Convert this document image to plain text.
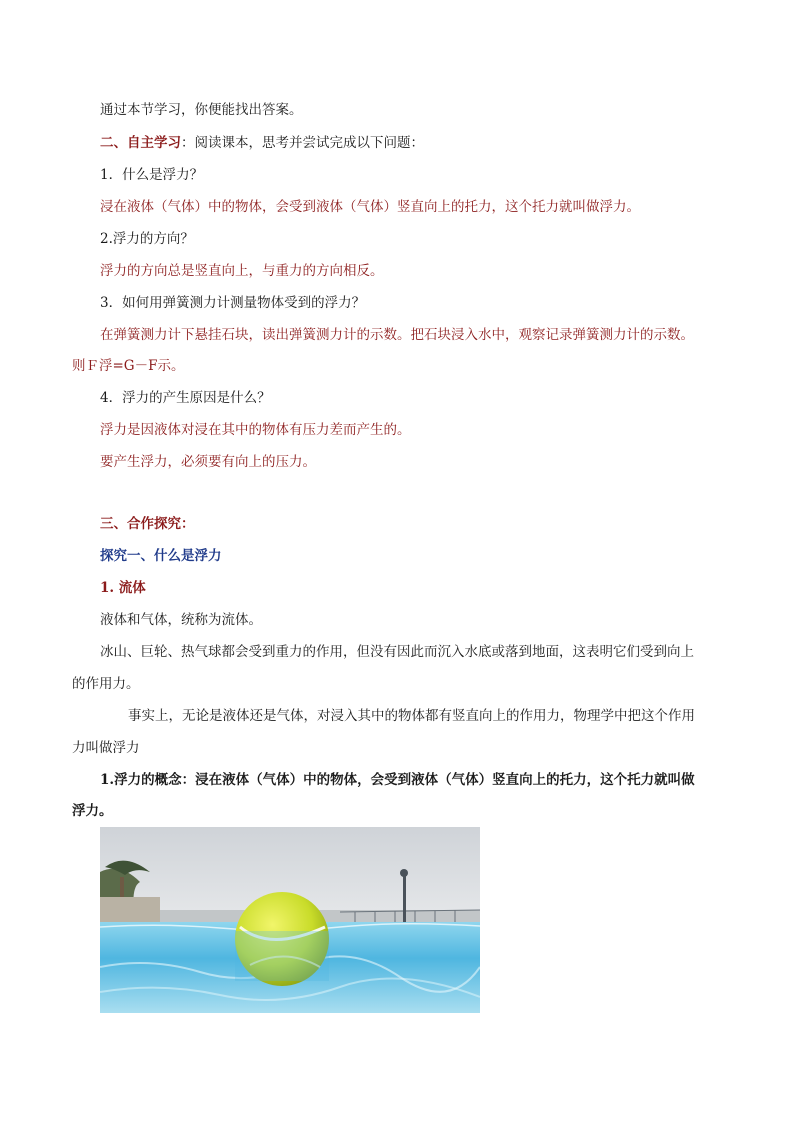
通过本节学习，你便能找出答案。
二、自主学习：阅读课本，思考并尝试完成以下问题：
1．什么是浮力？
浸在液体（气体）中的物体，会受到液体（气体）竖直向上的托力，这个托力就叫做浮力。
2.浮力的方向？
浮力的方向总是竖直向上，与重力的方向相反。
3．如何用弹簧测力计测量物体受到的浮力？
在弹簧测力计下悬挂石块，读出弹簧测力计的示数。把石块浸入水中，观察记录弹簧测力计的示数。
则Ｆ浮=G－F示。
4．浮力的产生原因是什么？
浮力是因液体对浸在其中的物体有压力差而产生的。
要产生浮力，必须要有向上的压力。
三、合作探究：
探究一、什么是浮力
1. 流体
液体和气体，统称为流体。
冰山、巨轮、热气球都会受到重力的作用，但没有因此而沉入水底或落到地面，这表明它们受到向上
的作用力。
事实上，无论是液体还是气体，对浸入其中的物体都有竖直向上的作用力，物理学中把这个作用
力叫做浮力
1.浮力的概念：浸在液体（气体）中的物体，会受到液体（气体）竖直向上的托力，这个托力就叫做
浮力。
